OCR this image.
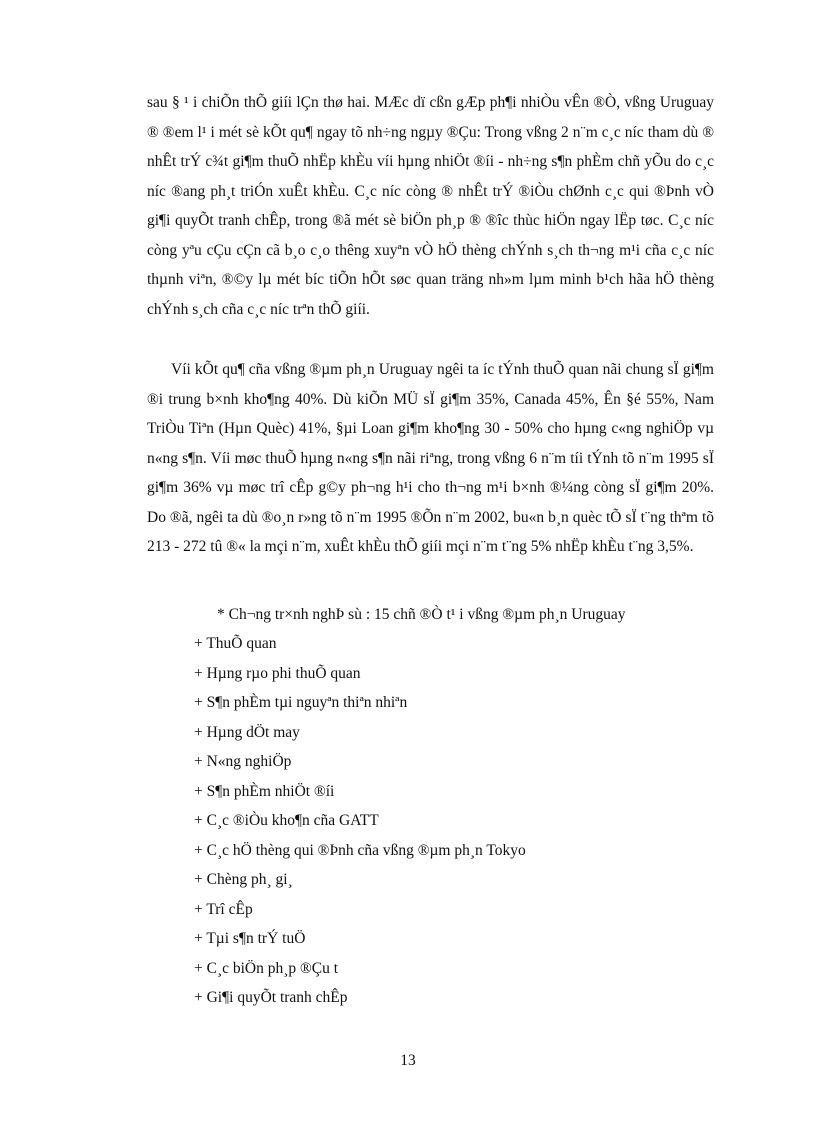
sau § ¹ i chiÕn thÕ giíi lÇn thø hai. MÆc dï cßn gÆp ph¶i nhiÒu vÊn ®Ò, vßng Uruguay ® ®em l¹ i mét sè kÕt qu¶ ngay tõ nh÷ng ngµy ®Çu: Trong vßng 2 n¨m c¸c níc tham dù ® nhÊt trÝ c¾t gi¶m thuÕ nhËp khÈu víi hµng nhiÖt ®íi - nh÷ng s¶n phÈm chñ yÕu do c¸c níc ®ang ph¸t triÓn xuÊt khÈu. C¸c níc còng ® nhÊt trÝ ®iÒu chØnh c¸c qui ®Þnh vÒ gi¶i quyÕt tranh chÊp, trong ®ã mét sè biÖn ph¸p ® ®îc thùc hiÖn ngay lËp tøc. C¸c níc còng yªu cÇu cÇn cã b¸o c¸o thêng xuyªn vÒ hÖ thèng chÝnh s¸ch th¬ng m¹i cña c¸c níc thµnh viªn, ®©y lµ mét bíc tiÕn hÕt søc quan träng nh»m lµm minh b¹ch hãa hÖ thèng chÝnh s¸ch cña c¸c níc trªn thÕ giíi.

Víi kÕt qu¶ cña vßng ®µm ph¸n Uruguay ngêi ta íc tÝnh thuÕ quan nãi chung sÏ gi¶m ®i trung b×nh kho¶ng 40%. Dù kiÕn MÜ sÏ gi¶m 35%, Canada 45%, Ên §é 55%, Nam TriÒu Tiªn (Hµn Quèc) 41%, §µi Loan gi¶m kho¶ng 30 - 50% cho hµng c«ng nghiÖp vµ n«ng s¶n. Víi møc thuÕ hµng n«ng s¶n nãi riªng, trong vßng 6 n¨m tíi tÝnh tõ n¨m 1995 sÏ gi¶m 36% vµ møc trî cÊp g©y ph¬ng h¹i cho th¬ng m¹i b×nh ®¼ng còng sÏ gi¶m 20%. Do ®ã, ngêi ta dù ®o¸n r»ng tõ n¨m 1995 ®Õn n¨m 2002, bu«n b¸n quèc tÕ sÏ t¨ng thªm tõ 213 - 272 tû ®« la mçi n¨m, xuÊt khÈu thÕ giíi mçi n¨m t¨ng 5% nhËp khÈu t¨ng 3,5%.

* Ch¬ng tr×nh nghÞ sù : 15 chñ ®Ò t¹ i vßng ®µm ph¸n Uruguay

+ ThuÕ quan
+ Hµng rµo phi thuÕ quan
+ S¶n phÈm tµi nguyªn thiªn nhiªn
+ Hµng dÖt may
+ N«ng nghiÖp
+ S¶n phÈm nhiÖt ®íi
+ C¸c ®iÒu kho¶n cña GATT
+ C¸c hÖ thèng qui ®Þnh cña vßng ®µm ph¸n Tokyo
+ Chèng ph¸ gi¸
+ Trî cÊp
+ Tµi s¶n trÝ tuÖ
+ C¸c biÖn ph¸p ®Çu t
+ Gi¶i quyÕt tranh chÊp
13
